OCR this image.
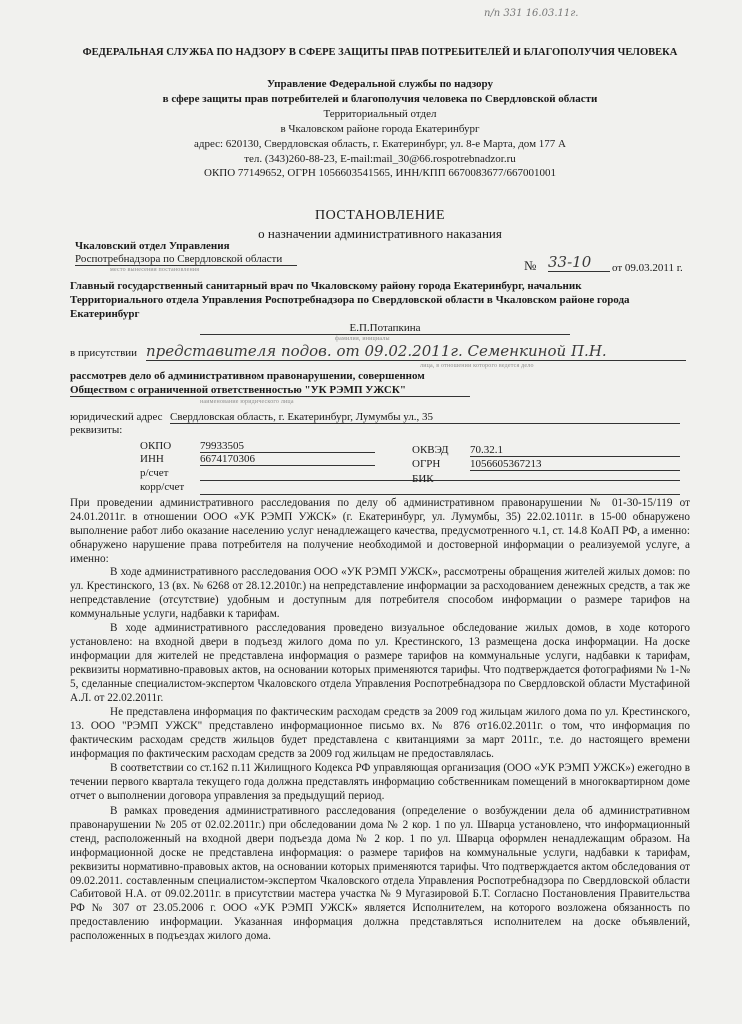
п/п 331 16.03.11г.
ФЕДЕРАЛЬНАЯ СЛУЖБА ПО НАДЗОРУ В СФЕРЕ ЗАЩИТЫ ПРАВ ПОТРЕБИТЕЛЕЙ И БЛАГОПОЛУЧИЯ ЧЕЛОВЕКА
Управление Федеральной службы по надзору
в сфере защиты прав потребителей и благополучия человека по Свердловской области
Территориальный отдел
в Чкаловском районе города Екатеринбург
адрес: 620130, Свердловская область, г. Екатеринбург, ул. 8-е Марта, дом 177 А
тел. (343)260-88-23, E-mail:mail_30@66.rospotrebnadzor.ru
ОКПО 77149652, ОГРН 1056603541565, ИНН/КПП 6670083677/667001001
ПОСТАНОВЛЕНИЕ
о назначении административного наказания
Чкаловский отдел Управления
Роспотребнадзора по Свердловской области
место вынесения постановления	№ 33-10	от 09.03.2011 г.
Главный государственный санитарный врач по Чкаловскому району города Екатеринбург, начальник
Территориального отдела Управления Роспотребнадзора по Свердловской области в Чкаловском районе города
Екатеринбург
Е.П.Потапкина
фамилия, инициалы
в присутствии представителя подов. от 09.02.2011г. Семенкиной П.Н.
лица, в отношении которого ведется дело
рассмотрев дело об административном правонарушении, совершенном
Обществом с ограниченной ответственностью "УК РЭМП УЖСК"
наименование юридического лица
юридический адрес Свердловская область, г. Екатеринбург, Лумумбы ул., 35
реквизиты:
ОКПО	79933505
ИНН	6674170306
р/счет
корр/счет
ОКВЭД 70.32.1
ОГРН	1056605367213
БИК
При проведении административного расследования по делу об административном правонарушении № 01-30-15/119 от 24.01.2011г. в отношении ООО «УК РЭМП УЖСК» (г. Екатеринбург, ул. Лумумбы, 35) 22.02.1011г. в 15-00 обнаружено выполнение работ либо оказание населению услуг ненадлежащего качества, предусмотренного ч.1, ст. 14.8 КоАП РФ, а именно: обнаружено нарушение права потребителя на получение необходимой и достоверной информации о реализуемой услуге, а именно:
В ходе административного расследования ООО «УК РЭМП УЖСК», рассмотрены обращения жителей жилых домов: по ул. Крестинского, 13 (вх. № 6268 от 28.12.2010г.) на непредставление информации за расходованием денежных средств, а так же непредставление (отсутствие) удобным и доступным для потребителя способом информации о размере тарифов на коммунальные услуги, надбавки к тарифам.
В ходе административного расследования проведено визуальное обследование жилых домов, в ходе которого установлено: на входной двери в подъезд жилого дома по ул. Крестинского, 13 размещена доска информации. На доске информации для жителей не представлена информация о размере тарифов на коммунальные услуги, надбавки к тарифам, реквизиты нормативно-правовых актов, на основании которых применяются тарифы. Что подтверждается фотографиями № 1-№ 5, сделанные специалистом-экспертом Чкаловского отдела Управления Роспотребнадзора по Свердловской области Мустафиной А.Л. от 22.02.2011г.
Не представлена информация по фактическим расходам средств за 2009 год жильцам жилого дома по ул. Крестинского, 13. ООО "РЭМП УЖСК" представлено информационное письмо вх. № 876 от16.02.2011г. о том, что информация по фактическим расходам средств жильцов будет представлена с квитанциями за март 2011г., т.е. до настоящего времени информация по фактическим расходам средств за 2009 год жильцам не предоставлялась.
В соответствии со ст.162 п.11 Жилищного Кодекса РФ управляющая организация (ООО «УК РЭМП УЖСК») ежегодно в течении первого квартала текущего года должна представлять информацию собственникам помещений в многоквартирном доме отчет о выполнении договора управления за предыдущий период.
В рамках проведения административного расследования (определение о возбуждении дела об административном правонарушении № 205 от 02.02.2011г.) при обследовании дома № 2 кор. 1 по ул. Шварца установлено, что информационный стенд, расположенный на входной двери подъезда дома № 2 кор. 1 по ул. Шварца оформлен ненадлежащим образом. На информационной доске не представлена информация: о размере тарифов на коммунальные услуги, надбавки к тарифам, реквизиты нормативно-правовых актов, на основании которых применяются тарифы. Что подтверждается актом обследования от 09.02.2011. составленным специалистом-экспертом Чкаловского отдела Управления Роспотребнадзора по Свердловской области Сабитовой Н.А. от 09.02.2011г. в присутствии мастера участка № 9 Мугазировой Б.Т. Согласно Постановления Правительства РФ № 307 от 23.05.2006 г. ООО «УК РЭМП УЖСК» является Исполнителем, на которого возложена обязанность по предоставлению информации. Указанная информация должна представляться исполнителем на доске объявлений, расположенных в подъездах жилого дома.
